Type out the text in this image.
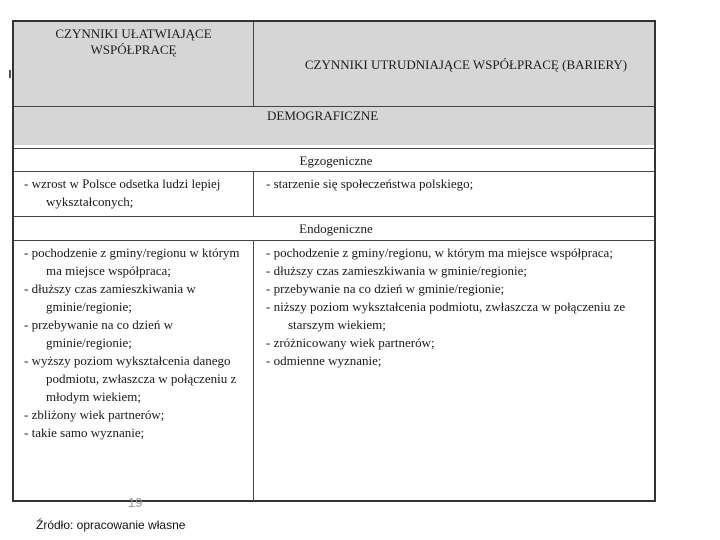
CZYNNIKI UŁATWIAJĄCE WSPÓŁPRACĘ
CZYNNIKI UTRUDNIAJĄCE WSPÓŁPRACĘ (BARIERY)
DEMOGRAFICZNE
Egzogeniczne
- wzrost w Polsce odsetka ludzi lepiej wykształconych;
- starzenie się społeczeństwa polskiego;
Endogeniczne
- pochodzenie z gminy/regionu w którym ma miejsce współpraca;
- dłuższy czas zamieszkiwania w gminie/regionie;
- przebywanie na co dzień w gminie/regionie;
- wyższy poziom wykształcenia danego podmiotu, zwłaszcza w połączeniu z młodym wiekiem;
- zbliżony wiek partnerów;
- takie samo wyznanie;
- pochodzenie z gminy/regionu, w którym ma miejsce współpraca;
- dłuższy czas zamieszkiwania w gminie/regionie;
- przebywanie na co dzień w gminie/regionie;
- niższy poziom wykształcenia podmiotu, zwłaszcza w połączeniu ze starszym wiekiem;
- zróżnicowany wiek partnerów;
- odmienne wyznanie;
19
Źródło: opracowanie własne
